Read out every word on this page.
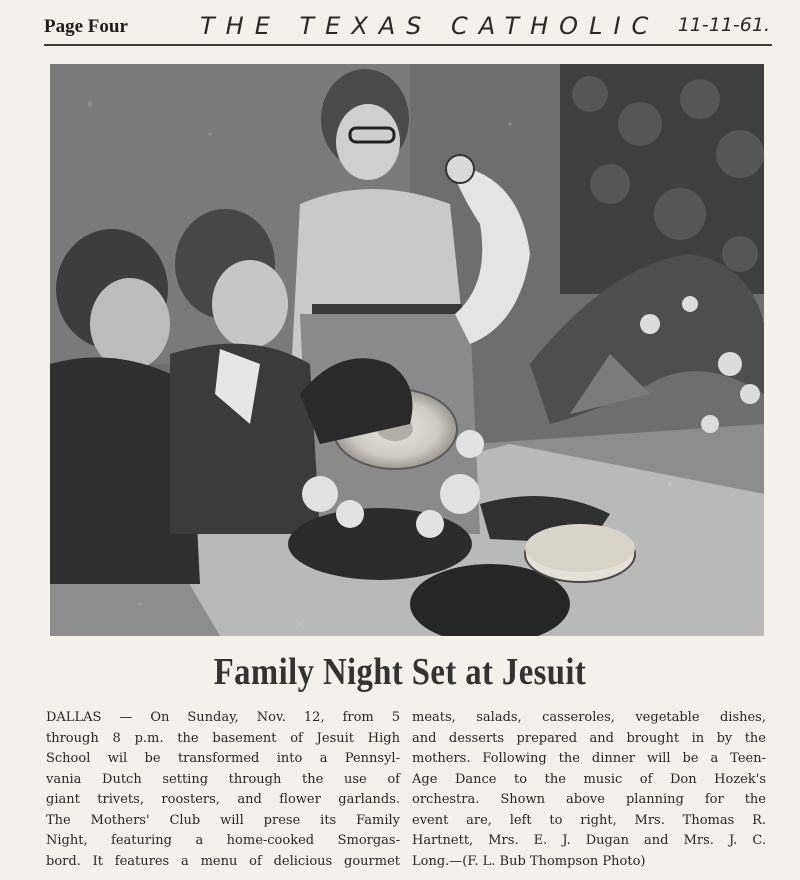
Page Four	THE TEXAS CATHOLIC 11-11-61.
Family Night Set at Jesuit
DALLAS — On Sunday, Nov. 12, from 5
through 8 p.m. the basement of Jesuit High
School wil be transformed into a Pennsyl-
vania Dutch setting through the use of
giant trivets, roosters, and flower garlands.
The Mothers' Club will prese its Family
Night, featuring a home-cooked Smorgas-
bord. It features a menu of delicious gourmet
meats, salads, casseroles, vegetable dishes,
and desserts prepared and brought in by the
mothers. Following the dinner will be a Teen-
Age Dance to the music of Don Hozek's
orchestra. Shown above planning for the
event are, left to right, Mrs. Thomas R.
Hartnett, Mrs. E. J. Dugan and Mrs. J. C.
Long.—(F. L. Bub Thompson Photo)
